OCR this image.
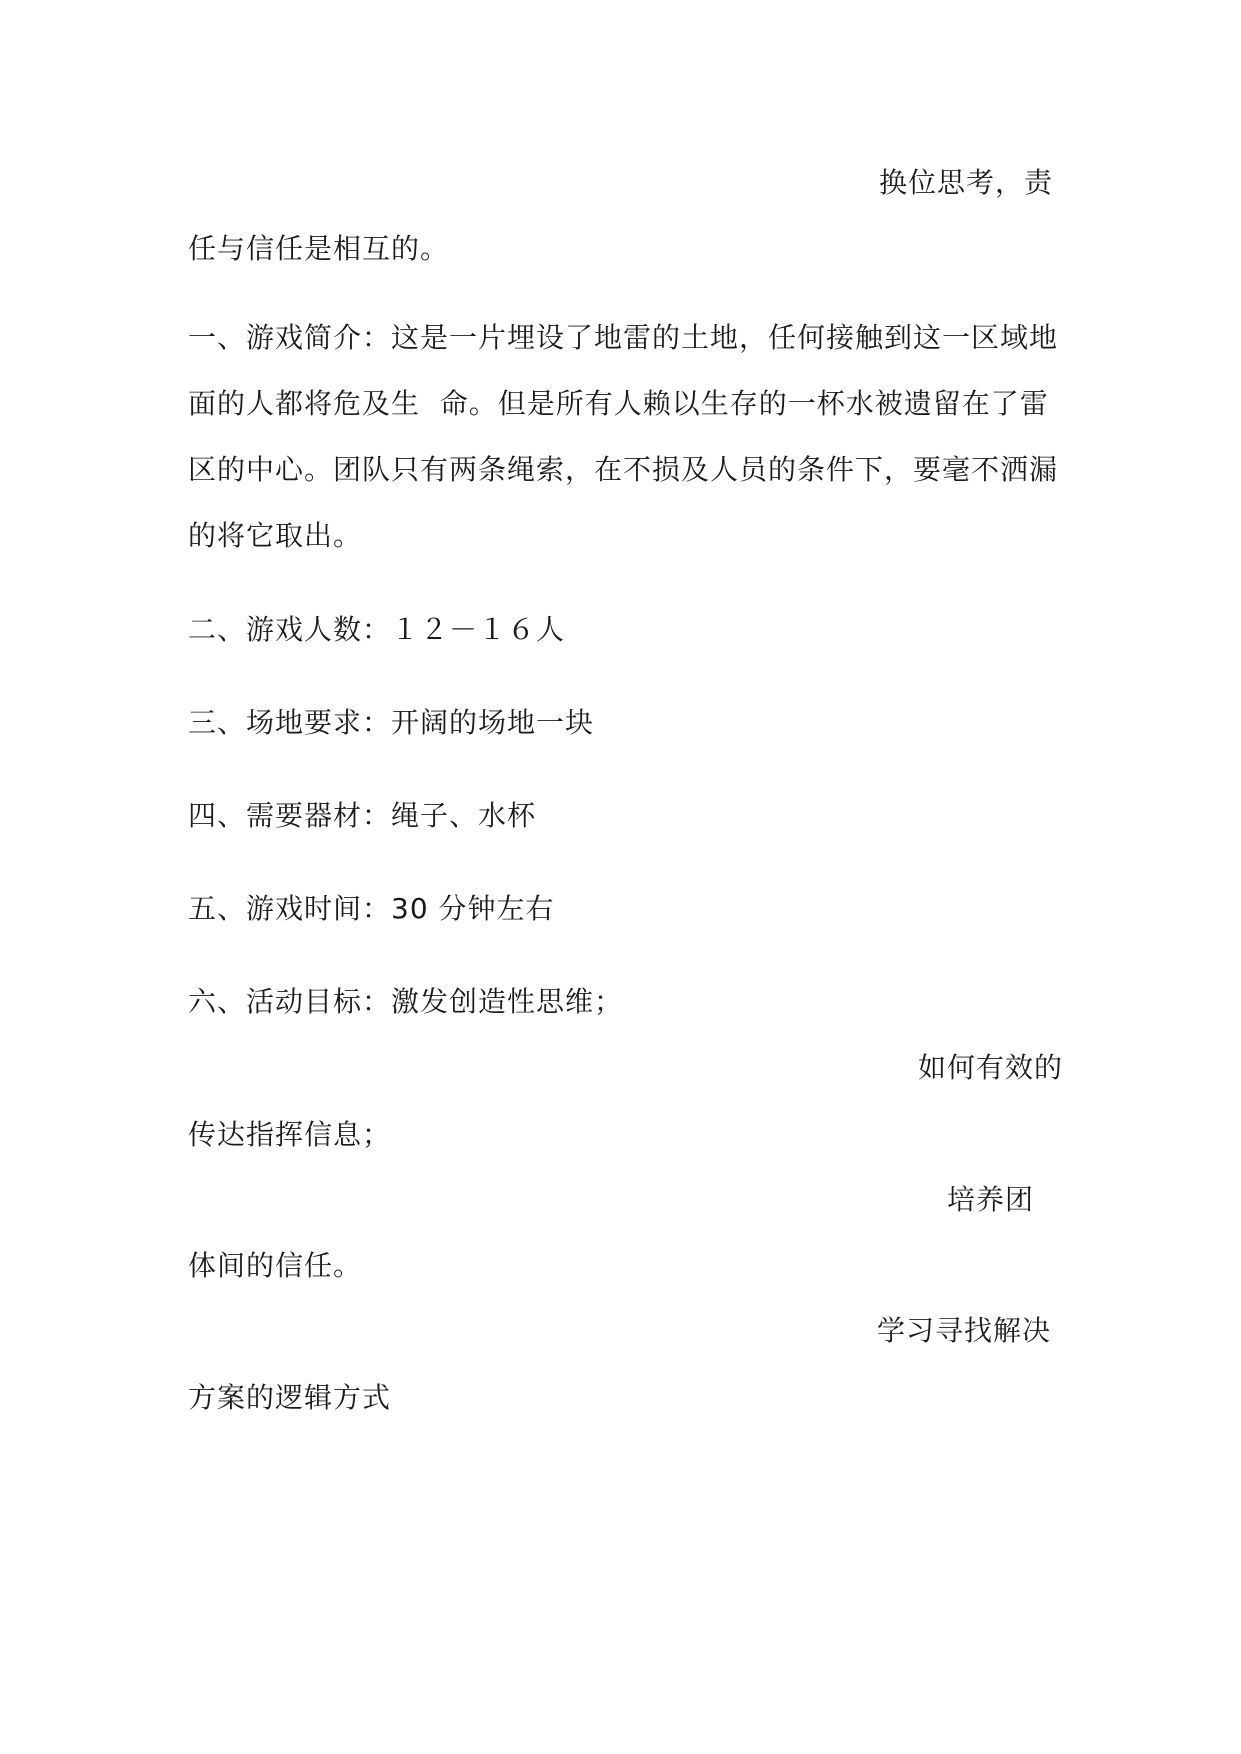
换位思考，责

任与信任是相互的。

一、游戏简介：这是一片埋设了地雷的土地，任何接触到这一区域地

面的人都将危及生  命。但是所有人赖以生存的一杯水被遗留在了雷

区的中心。团队只有两条绳索，在不损及人员的条件下，要毫不洒漏

的将它取出。

二、游戏人数：１２－１６人

三、场地要求：开阔的场地一块

四、需要器材：绳子、水杯

五、游戏时间：30 分钟左右

六、活动目标：激发创造性思维；

如何有效的

传达指挥信息；

培养团

体间的信任。

学习寻找解决

方案的逻辑方式
